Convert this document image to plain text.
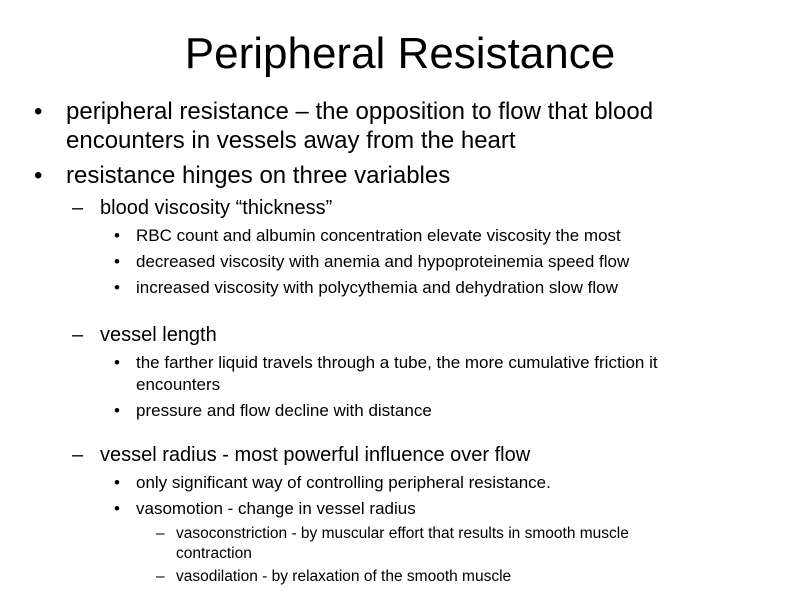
Peripheral Resistance
• peripheral resistance – the opposition to flow that blood
encounters in vessels away from the heart
• resistance hinges on three variables
– blood viscosity “thickness”
• RBC count and albumin concentration elevate viscosity the most
• decreased viscosity with anemia and hypoproteinemia speed flow
• increased viscosity with polycythemia and dehydration slow flow
– vessel length
• the farther liquid travels through a tube, the more cumulative friction it
encounters
• pressure and flow decline with distance
– vessel radius - most powerful influence over flow
• only significant way of controlling peripheral resistance.
• vasomotion - change in vessel radius
– vasoconstriction - by muscular effort that results in smooth muscle
contraction
– vasodilation - by relaxation of the smooth muscle
